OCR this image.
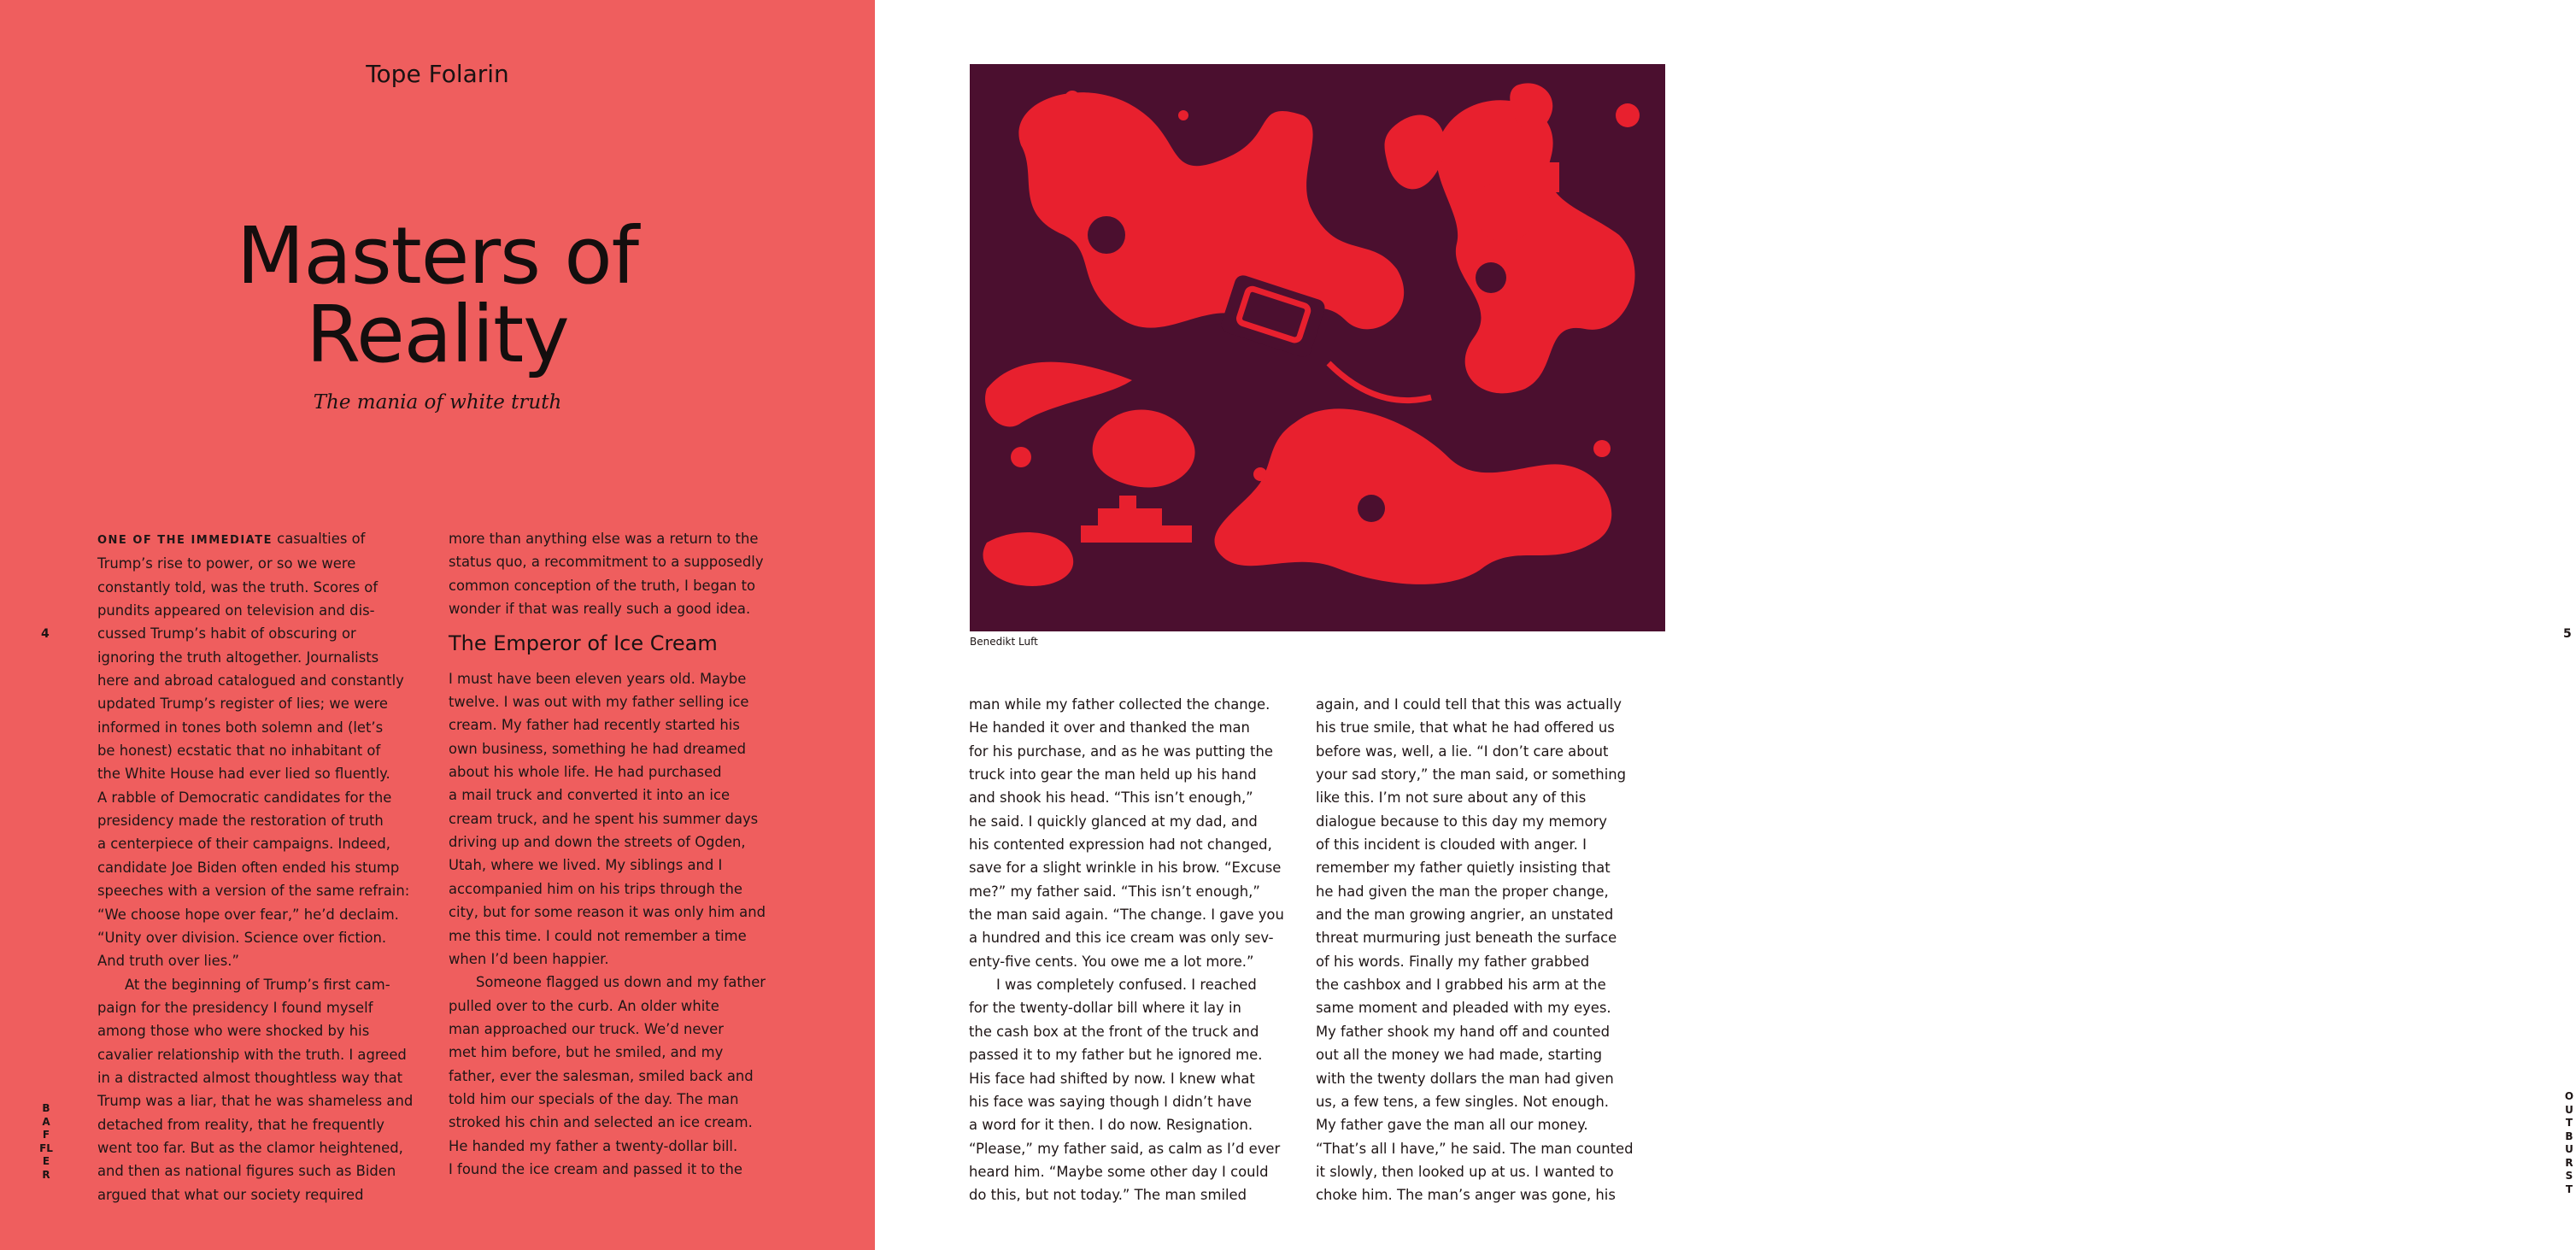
Tope Folarin
Masters of
Reality
The mania of white truth
4
BAFFLER

ONE OF THE IMMEDIATE casualties of

Trump’s rise to power, or so we were

constantly told, was the truth. Scores of

pundits appeared on television and dis-

cussed Trump’s habit of obscuring or

ignoring the truth altogether. Journalists

here and abroad catalogued and constantly

updated Trump’s register of lies; we were

informed in tones both solemn and (let’s

be honest) ecstatic that no inhabitant of

the White House had ever lied so fluently.

A rabble of Democratic candidates for the

presidency made the restoration of truth

a centerpiece of their campaigns. Indeed,

candidate Joe Biden often ended his stump

speeches with a version of the same refrain:

“We choose hope over fear,” he’d declaim.

“Unity over division. Science over fiction.

And truth over lies.”

At the beginning of Trump’s first cam-

paign for the presidency I found myself

among those who were shocked by his

cavalier relationship with the truth. I agreed

in a distracted almost thoughtless way that

Trump was a liar, that he was shameless and

detached from reality, that he frequently

went too far. But as the clamor heightened,

and then as national figures such as Biden

argued that what our society required

more than anything else was a return to the

status quo, a recommitment to a supposedly

common conception of the truth, I began to

wonder if that was really such a good idea.

The Emperor of Ice Cream

I must have been eleven years old. Maybe

twelve. I was out with my father selling ice

cream. My father had recently started his

own business, something he had dreamed

about his whole life. He had purchased

a mail truck and converted it into an ice

cream truck, and he spent his summer days

driving up and down the streets of Ogden,

Utah, where we lived. My siblings and I

accompanied him on his trips through the

city, but for some reason it was only him and

me this time. I could not remember a time

when I’d been happier.

Someone flagged us down and my father

pulled over to the curb. An older white

man approached our truck. We’d never

met him before, but he smiled, and my

father, ever the salesman, smiled back and

told him our specials of the day. The man

stroked his chin and selected an ice cream.

He handed my father a twenty-dollar bill.

I found the ice cream and passed it to the

5
OUTBURST
Benedikt Luft

man while my father collected the change.

He handed it over and thanked the man

for his purchase, and as he was putting the

truck into gear the man held up his hand

and shook his head. “This isn’t enough,”

he said. I quickly glanced at my dad, and

his contented expression had not changed,

save for a slight wrinkle in his brow. “Excuse

me?” my father said. “This isn’t enough,”

the man said again. “The change. I gave you

a hundred and this ice cream was only sev-

enty-five cents. You owe me a lot more.”

I was completely confused. I reached

for the twenty-dollar bill where it lay in

the cash box at the front of the truck and

passed it to my father but he ignored me.

His face had shifted by now. I knew what

his face was saying though I didn’t have

a word for it then. I do now. Resignation.

“Please,” my father said, as calm as I’d ever

heard him. “Maybe some other day I could

do this, but not today.” The man smiled

again, and I could tell that this was actually

his true smile, that what he had offered us

before was, well, a lie. “I don’t care about

your sad story,” the man said, or something

like this. I’m not sure about any of this

dialogue because to this day my memory

of this incident is clouded with anger. I

remember my father quietly insisting that

he had given the man the proper change,

and the man growing angrier, an unstated

threat murmuring just beneath the surface

of his words. Finally my father grabbed

the cashbox and I grabbed his arm at the

same moment and pleaded with my eyes.

My father shook my hand off and counted

out all the money we had made, starting

with the twenty dollars the man had given

us, a few tens, a few singles. Not enough.

My father gave the man all our money.

“That’s all I have,” he said. The man counted

it slowly, then looked up at us. I wanted to

choke him. The man’s anger was gone, his
